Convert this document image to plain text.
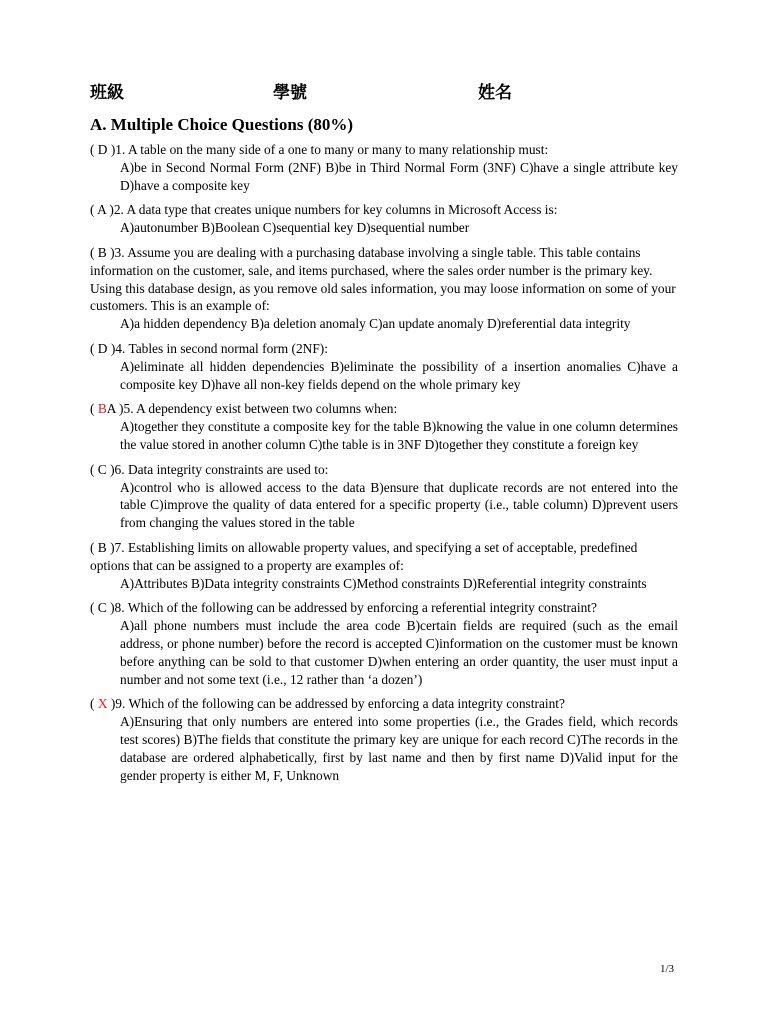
班級	學號	姓名
A. Multiple Choice Questions (80%)
( D )1. A table on the many side of a one to many or many to many relationship must:
A)be in Second Normal Form (2NF) B)be in Third Normal Form (3NF) C)have a single attribute key D)have a composite key
( A )2. A data type that creates unique numbers for key columns in Microsoft Access is:
A)autonumber B)Boolean C)sequential key D)sequential number
( B )3. Assume you are dealing with a purchasing database involving a single table. This table contains information on the customer, sale, and items purchased, where the sales order number is the primary key. Using this database design, as you remove old sales information, you may loose information on some of your customers. This is an example of:
A)a hidden dependency B)a deletion anomaly C)an update anomaly D)referential data integrity
( D )4. Tables in second normal form (2NF):
A)eliminate all hidden dependencies B)eliminate the possibility of a insertion anomalies C)have a composite key D)have all non-key fields depend on the whole primary key
( BA )5. A dependency exist between two columns when:
A)together they constitute a composite key for the table B)knowing the value in one column determines the value stored in another column C)the table is in 3NF D)together they constitute a foreign key
( C )6. Data integrity constraints are used to:
A)control who is allowed access to the data B)ensure that duplicate records are not entered into the table C)improve the quality of data entered for a specific property (i.e., table column) D)prevent users from changing the values stored in the table
( B )7. Establishing limits on allowable property values, and specifying a set of acceptable, predefined options that can be assigned to a property are examples of:
A)Attributes B)Data integrity constraints C)Method constraints D)Referential integrity constraints
( C )8. Which of the following can be addressed by enforcing a referential integrity constraint?
A)all phone numbers must include the area code B)certain fields are required (such as the email address, or phone number) before the record is accepted C)information on the customer must be known before anything can be sold to that customer D)when entering an order quantity, the user must input a number and not some text (i.e., 12 rather than ‘a dozen’)
( X )9. Which of the following can be addressed by enforcing a data integrity constraint?
A)Ensuring that only numbers are entered into some properties (i.e., the Grades field, which records test scores) B)The fields that constitute the primary key are unique for each record C)The records in the database are ordered alphabetically, first by last name and then by first name D)Valid input for the gender property is either M, F, Unknown
1/3
